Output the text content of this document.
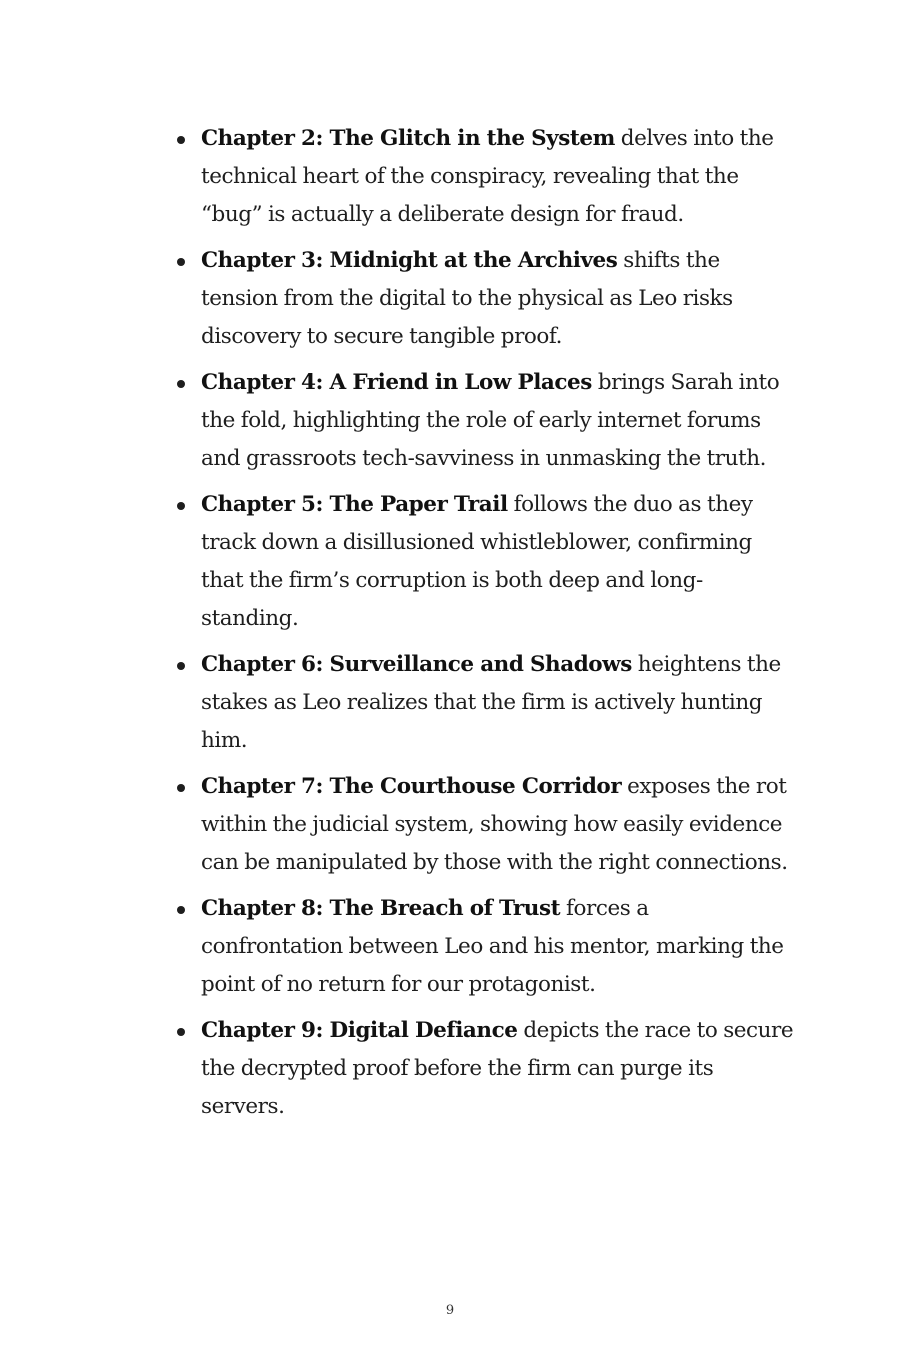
Chapter 2: The Glitch in the System delves into the technical heart of the conspiracy, revealing that the “bug” is actually a deliberate design for fraud.
Chapter 3: Midnight at the Archives shifts the tension from the digital to the physical as Leo risks discovery to secure tangible proof.
Chapter 4: A Friend in Low Places brings Sarah into the fold, highlighting the role of early internet forums and grassroots tech-savviness in unmasking the truth.
Chapter 5: The Paper Trail follows the duo as they track down a disillusioned whistleblower, confirming that the firm’s corruption is both deep and long-standing.
Chapter 6: Surveillance and Shadows heightens the stakes as Leo realizes that the firm is actively hunting him.
Chapter 7: The Courthouse Corridor exposes the rot within the judicial system, showing how easily evidence can be manipulated by those with the right connections.
Chapter 8: The Breach of Trust forces a confrontation between Leo and his mentor, marking the point of no return for our protagonist.
Chapter 9: Digital Defiance depicts the race to secure the decrypted proof before the firm can purge its servers.
9
